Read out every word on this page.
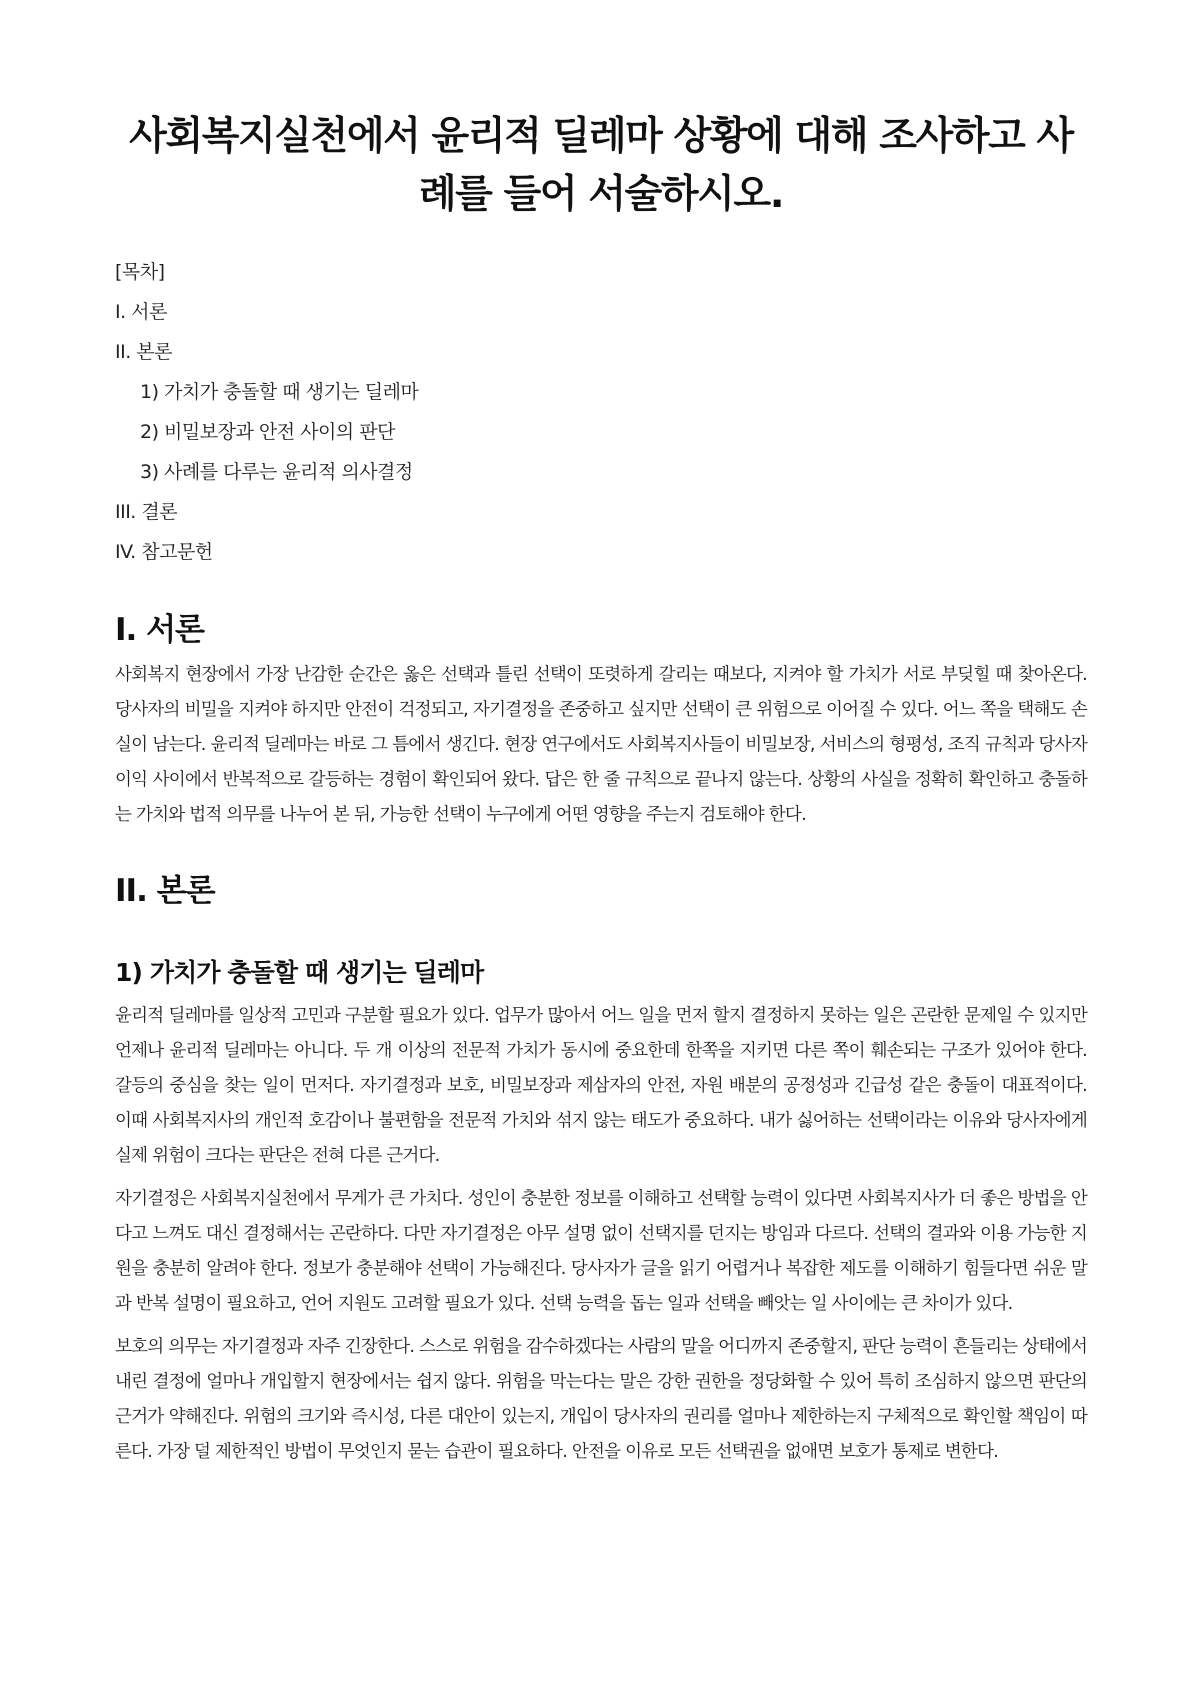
사회복지실천에서 윤리적 딜레마 상황에 대해 조사하고 사례를 들어 서술하시오.
[목차]
I. 서론
II. 본론
1) 가치가 충돌할 때 생기는 딜레마
2) 비밀보장과 안전 사이의 판단
3) 사례를 다루는 윤리적 의사결정
III. 결론
IV. 참고문헌
I. 서론

사회복지 현장에서 가장 난감한 순간은 옳은 선택과 틀린 선택이 또렷하게 갈리는 때보다, 지켜야 할 가치가 서로 부딪힐 때 찾아온다. 당사자의 비밀을 지켜야 하지만 안전이 걱정되고, 자기결정을 존중하고 싶지만 선택이 큰 위험으로 이어질 수 있다. 어느 쪽을 택해도 손실이 남는다. 윤리적 딜레마는 바로 그 틈에서 생긴다. 현장 연구에서도 사회복지사들이 비밀보장, 서비스의 형평성, 조직 규칙과 당사자 이익 사이에서 반복적으로 갈등하는 경험이 확인되어 왔다. 답은 한 줄 규칙으로 끝나지 않는다. 상황의 사실을 정확히 확인하고 충돌하는 가치와 법적 의무를 나누어 본 뒤, 가능한 선택이 누구에게 어떤 영향을 주는지 검토해야 한다.

II. 본론
1) 가치가 충돌할 때 생기는 딜레마

윤리적 딜레마를 일상적 고민과 구분할 필요가 있다. 업무가 많아서 어느 일을 먼저 할지 결정하지 못하는 일은 곤란한 문제일 수 있지만 언제나 윤리적 딜레마는 아니다. 두 개 이상의 전문적 가치가 동시에 중요한데 한쪽을 지키면 다른 쪽이 훼손되는 구조가 있어야 한다. 갈등의 중심을 찾는 일이 먼저다. 자기결정과 보호, 비밀보장과 제삼자의 안전, 자원 배분의 공정성과 긴급성 같은 충돌이 대표적이다. 이때 사회복지사의 개인적 호감이나 불편함을 전문적 가치와 섞지 않는 태도가 중요하다. 내가 싫어하는 선택이라는 이유와 당사자에게 실제 위험이 크다는 판단은 전혀 다른 근거다.

자기결정은 사회복지실천에서 무게가 큰 가치다. 성인이 충분한 정보를 이해하고 선택할 능력이 있다면 사회복지사가 더 좋은 방법을 안다고 느껴도 대신 결정해서는 곤란하다. 다만 자기결정은 아무 설명 없이 선택지를 던지는 방임과 다르다. 선택의 결과와 이용 가능한 지원을 충분히 알려야 한다. 정보가 충분해야 선택이 가능해진다. 당사자가 글을 읽기 어렵거나 복잡한 제도를 이해하기 힘들다면 쉬운 말과 반복 설명이 필요하고, 언어 지원도 고려할 필요가 있다. 선택 능력을 돕는 일과 선택을 빼앗는 일 사이에는 큰 차이가 있다.

보호의 의무는 자기결정과 자주 긴장한다. 스스로 위험을 감수하겠다는 사람의 말을 어디까지 존중할지, 판단 능력이 흔들리는 상태에서 내린 결정에 얼마나 개입할지 현장에서는 쉽지 않다. 위험을 막는다는 말은 강한 권한을 정당화할 수 있어 특히 조심하지 않으면 판단의 근거가 약해진다. 위험의 크기와 즉시성, 다른 대안이 있는지, 개입이 당사자의 권리를 얼마나 제한하는지 구체적으로 확인할 책임이 따른다. 가장 덜 제한적인 방법이 무엇인지 묻는 습관이 필요하다. 안전을 이유로 모든 선택권을 없애면 보호가 통제로 변한다.
